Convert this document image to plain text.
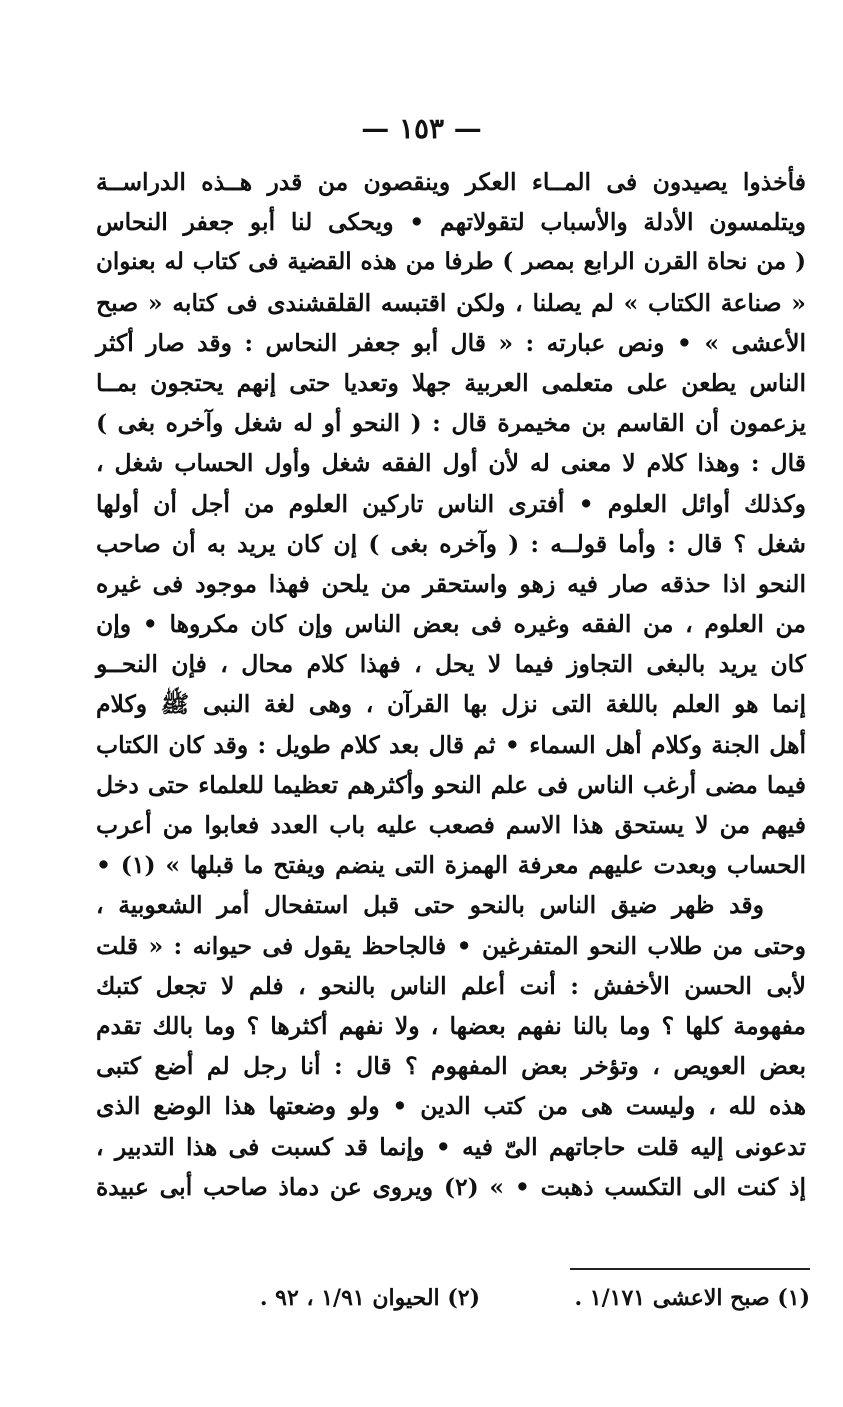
— ١٥٣ —
فأخذوا يصيدون فى المــاء العكر وينقصون من قدر هــذه الدراســة
ويتلمسون الأدلة والأسباب لتقولاتهم • ويحكى لنا أبو جعفر النحاس
( من نحاة القرن الرابع بمصر ) طرفا من هذه القضية فى كتاب له بعنوان
« صناعة الكتاب » لم يصلنا ، ولكن اقتبسه القلقشندى فى كتابه « صبح
الأعشى » • ونص عبارته : « قال أبو جعفر النحاس : وقد صار أكثر
الناس يطعن على متعلمى العربية جهلا وتعديا حتى إنهم يحتجون بمــا
يزعمون أن القاسم بن مخيمرة قال : ( النحو أو له شغل وآخره بغى )
قال : وهذا كلام لا معنى له لأن أول الفقه شغل وأول الحساب شغل ،
وكذلك أوائل العلوم • أفترى الناس تاركين العلوم من أجل أن أولها
شغل ؟ قال : وأما قولــه : ( وآخره بغى ) إن كان يريد به أن صاحب
النحو اذا حذقه صار فيه زهو واستحقر من يلحن فهذا موجود فى غيره
من العلوم ، من الفقه وغيره فى بعض الناس وإن كان مكروها • وإن
كان يريد بالبغى التجاوز فيما لا يحل ، فهذا كلام محال ، فإن النحــو
إنما هو العلم باللغة التى نزل بها القرآن ، وهى لغة النبى ﷺ وكلام
أهل الجنة وكلام أهل السماء • ثم قال بعد كلام طويل : وقد كان الكتاب
فيما مضى أرغب الناس فى علم النحو وأكثرهم تعظيما للعلماء حتى دخل
فيهم من لا يستحق هذا الاسم فصعب عليه باب العدد فعابوا من أعرب
الحساب وبعدت عليهم معرفة الهمزة التى ينضم ويفتح ما قبلها » (١) •
وقد ظهر ضيق الناس بالنحو حتى قبل استفحال أمر الشعوبية ،
وحتى من طلاب النحو المتفرغين • فالجاحظ يقول فى حيوانه : « قلت
لأبى الحسن الأخفش : أنت أعلم الناس بالنحو ، فلم لا تجعل كتبك
مفهومة كلها ؟ وما بالنا نفهم بعضها ، ولا نفهم أكثرها ؟ وما بالك تقدم
بعض العويص ، وتؤخر بعض المفهوم ؟ قال : أنا رجل لم أضع كتبى
هذه لله ، وليست هى من كتب الدين • ولو وضعتها هذا الوضع الذى
تدعونى إليه قلت حاجاتهم الىّ فيه • وإنما قد كسبت فى هذا التدبير ،
إذ كنت الى التكسب ذهبت • » (٢) ويروى عن دماذ صاحب أبى عبيدة
(١) صبح الاعشى ١/١٧١ .
(٢) الحيوان ١/٩١ ، ٩٢ .
